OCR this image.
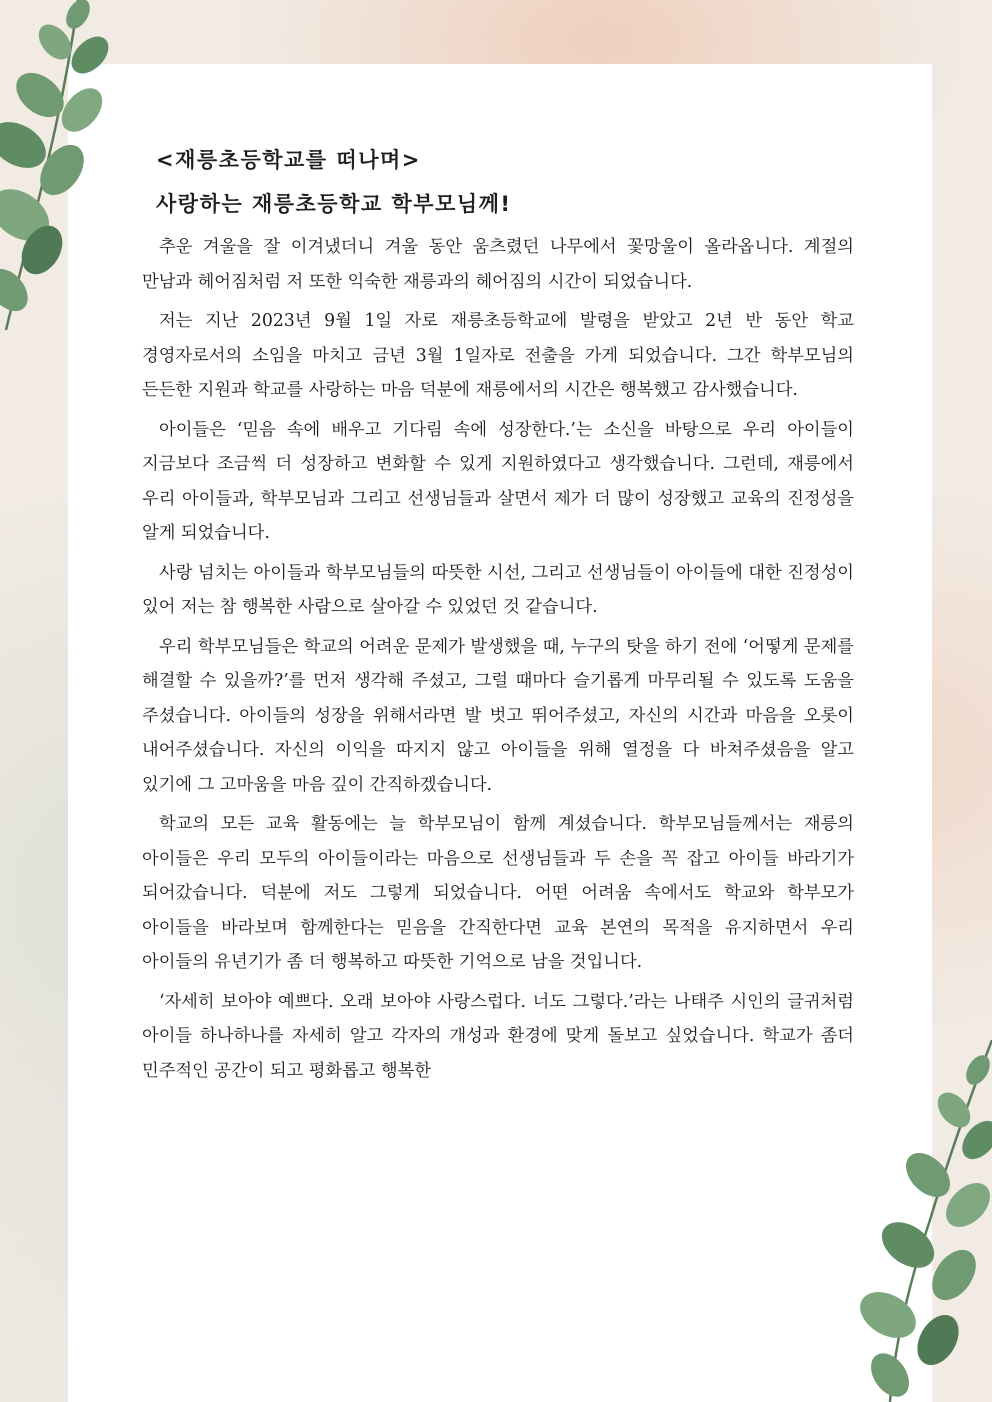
<재릉초등학교를 떠나며>
사랑하는 재릉초등학교 학부모님께!

추운 겨울을 잘 이겨냈더니 겨울 동안 움츠렸던 나무에서 꽃망울이 올라옵니다. 계절의 만남과 헤어짐처럼 저 또한 익숙한 재릉과의 헤어짐의 시간이 되었습니다.

저는 지난 2023년 9월 1일 자로 재릉초등학교에 발령을 받았고 2년 반 동안 학교 경영자로서의 소임을 마치고 금년 3월 1일자로 전출을 가게 되었습니다. 그간 학부모님의 든든한 지원과 학교를 사랑하는 마음 덕분에 재릉에서의 시간은 행복했고 감사했습니다.

아이들은 ‘믿음 속에 배우고 기다림 속에 성장한다.’는 소신을 바탕으로 우리 아이들이 지금보다 조금씩 더 성장하고 변화할 수 있게 지원하였다고 생각했습니다. 그런데, 재릉에서 우리 아이들과, 학부모님과 그리고 선생님들과 살면서 제가 더 많이 성장했고 교육의 진정성을 알게 되었습니다.

사랑 넘치는 아이들과 학부모님들의 따뜻한 시선, 그리고 선생님들이 아이들에 대한 진정성이 있어 저는 참 행복한 사람으로 살아갈 수 있었던 것 같습니다.

우리 학부모님들은 학교의 어려운 문제가 발생했을 때, 누구의 탓을 하기 전에 ‘어떻게 문제를 해결할 수 있을까?’를 먼저 생각해 주셨고, 그럴 때마다 슬기롭게 마무리될 수 있도록 도움을 주셨습니다. 아이들의 성장을 위해서라면 발 벗고 뛰어주셨고, 자신의 시간과 마음을 오롯이 내어주셨습니다. 자신의 이익을 따지지 않고 아이들을 위해 열정을 다 바쳐주셨음을 알고 있기에 그 고마움을 마음 깊이 간직하겠습니다.

학교의 모든 교육 활동에는 늘 학부모님이 함께 계셨습니다. 학부모님들께서는 재릉의 아이들은 우리 모두의 아이들이라는 마음으로 선생님들과 두 손을 꼭 잡고 아이들 바라기가 되어갔습니다. 덕분에 저도 그렇게 되었습니다. 어떤 어려움 속에서도 학교와 학부모가 아이들을 바라보며 함께한다는 믿음을 간직한다면 교육 본연의 목적을 유지하면서 우리 아이들의 유년기가 좀 더 행복하고 따뜻한 기억으로 남을 것입니다.

‘자세히 보아야 예쁘다. 오래 보아야 사랑스럽다. 너도 그렇다.’라는 나태주 시인의 글귀처럼 아이들 하나하나를 자세히 알고 각자의 개성과 환경에 맞게 돌보고 싶었습니다. 학교가 좀더 민주적인 공간이 되고 평화롭고 행복한
